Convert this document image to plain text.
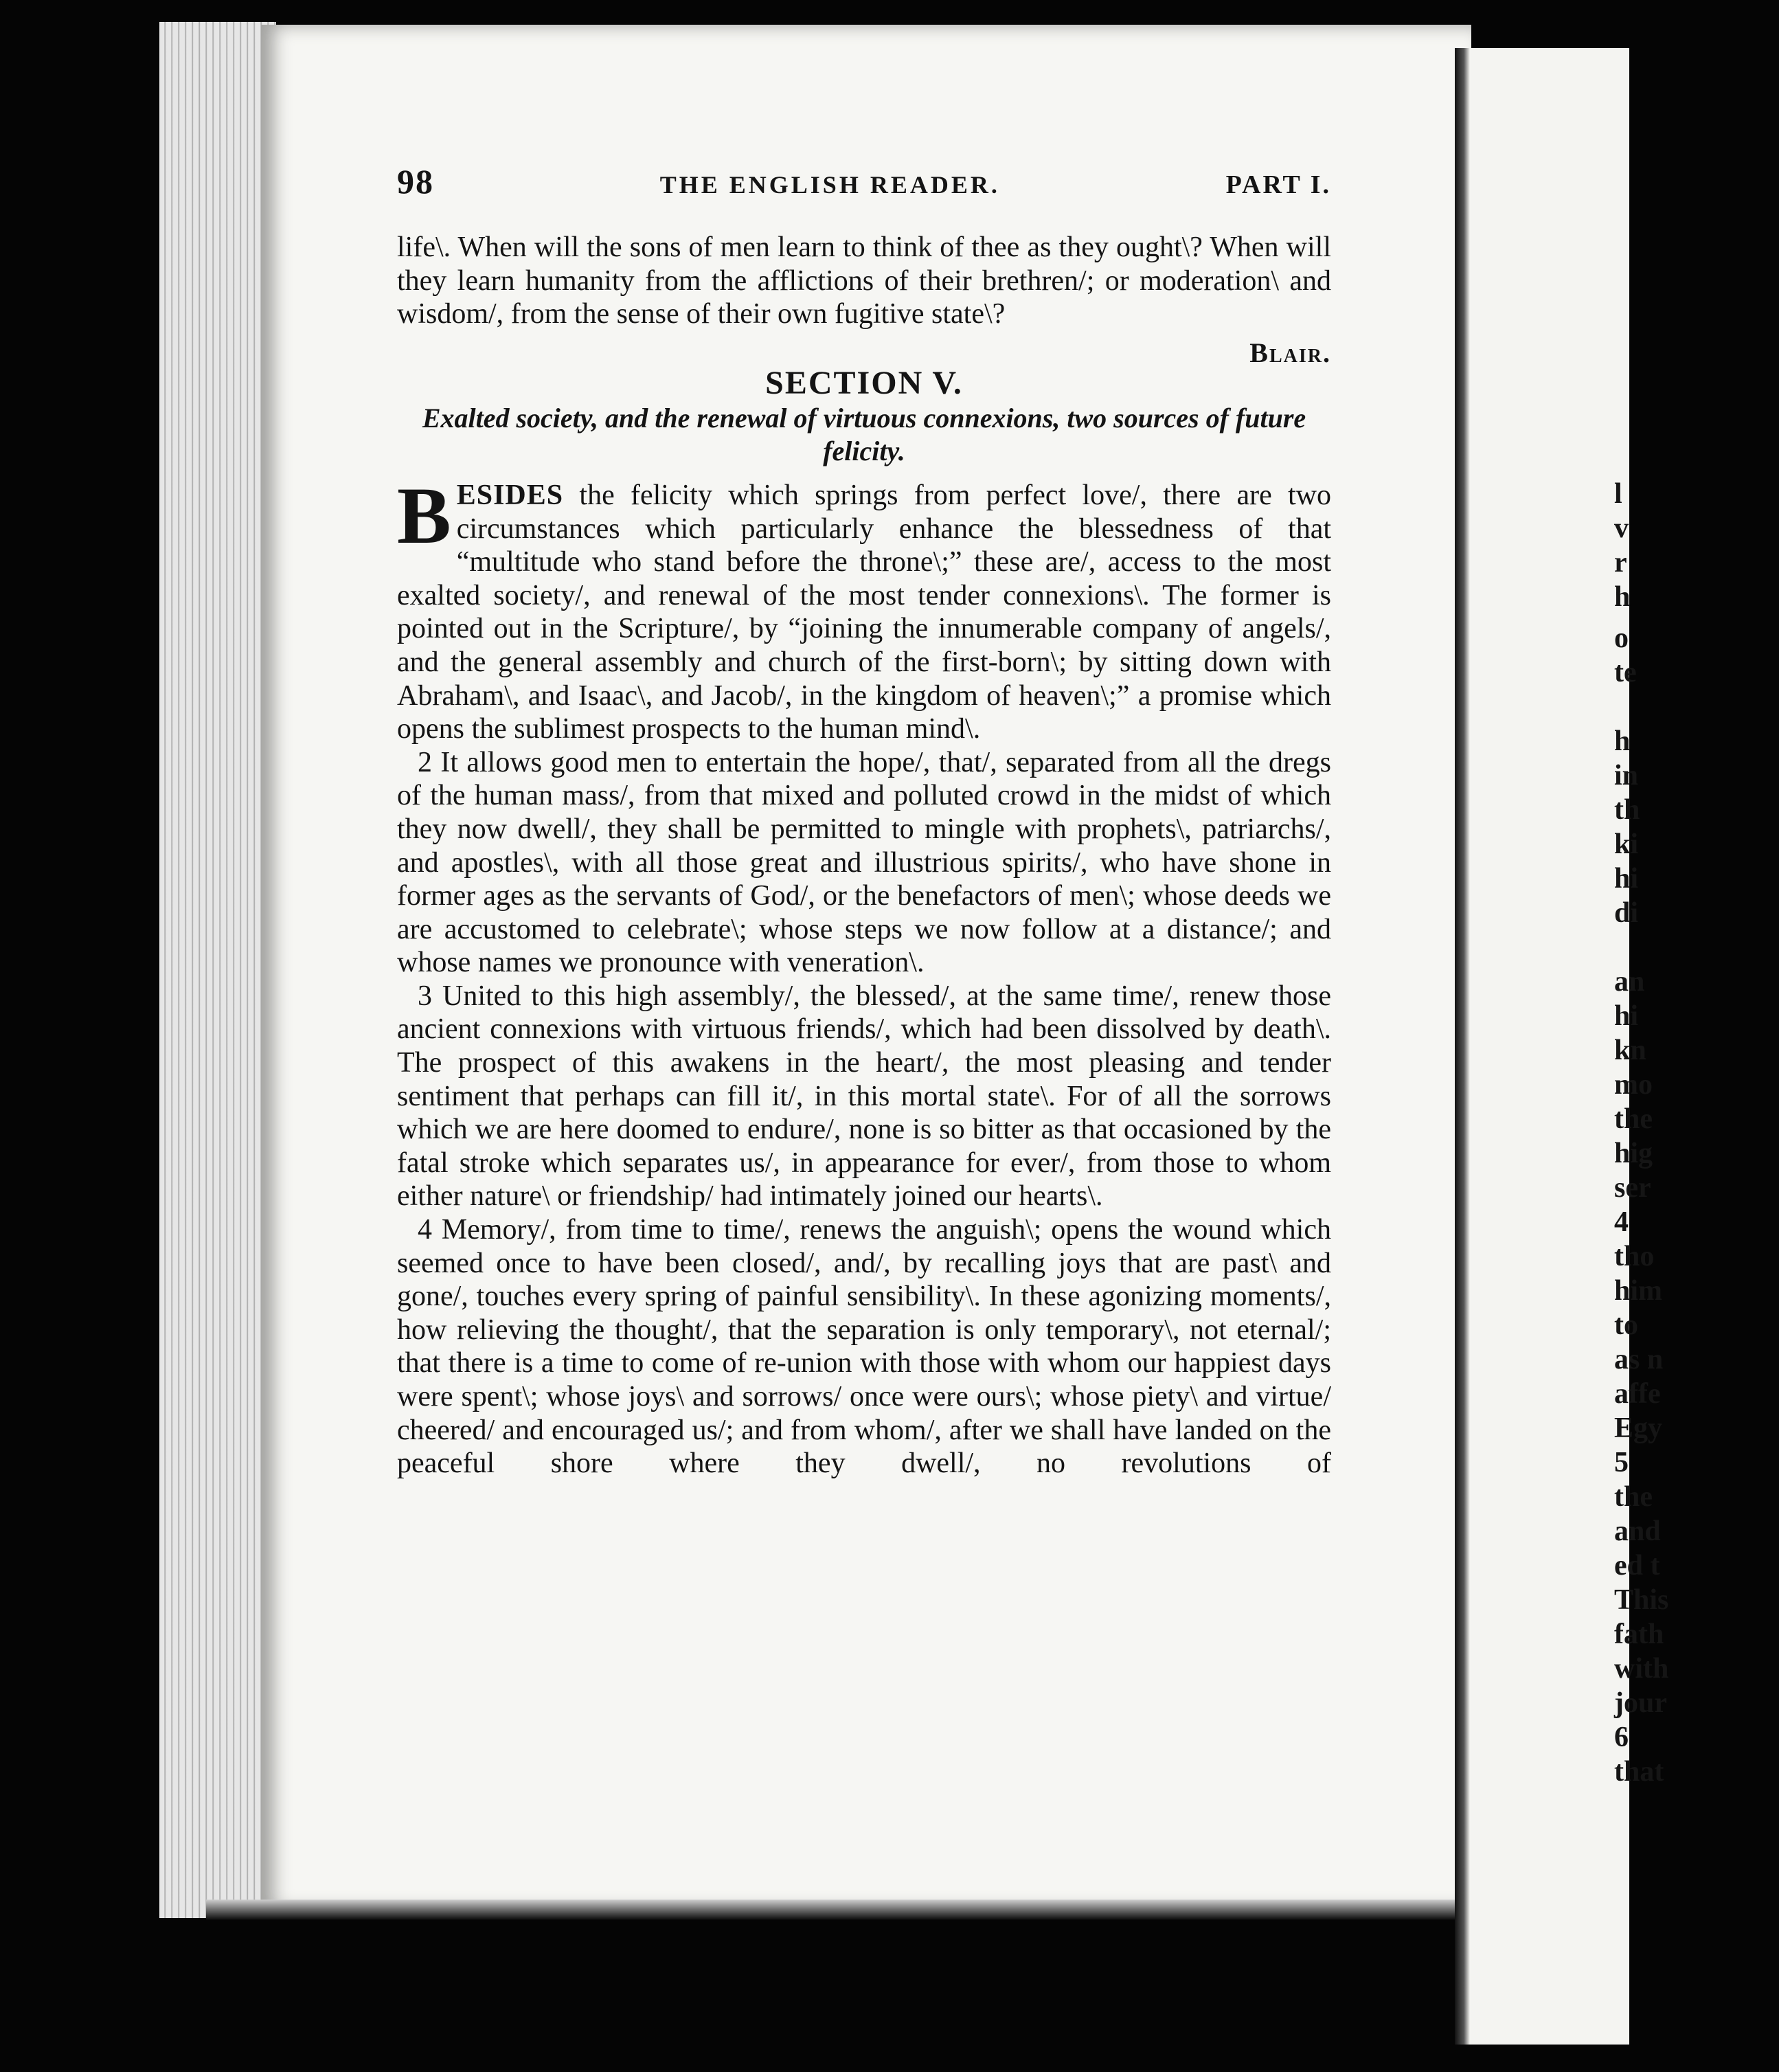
l
v
r
h
o
te
h
in
th
ki
hi
di
an
hi
kn
mo
the
hig
ser
4
tho
him
to
as n
affe
Egy
5
the
and
ed t
This
fath
with
jour
6
that
98	THE ENGLISH READER.	PART I.

life\. When will the sons of men learn to think of thee as they ought\? When will they learn humanity from the afflictions of their brethren/; or moderation\ and wisdom/, from the sense of their own fugitive state\?

Blair.
SECTION V.
Exalted society, and the renewal of virtuous connexions, two sources of future felicity.

BESIDES the felicity which springs from perfect love/, there are two circumstances which particularly enhance the blessedness of that “multitude who stand before the throne\;” these are/, access to the most exalted society/, and renewal of the most tender connexions\. The former is pointed out in the Scripture/, by “joining the innumerable company of angels/, and the general assembly and church of the first-born\; by sitting down with Abraham\, and Isaac\, and Jacob/, in the kingdom of heaven\;” a promise which opens the sublimest prospects to the human mind\.

2 It allows good men to entertain the hope/, that/, separated from all the dregs of the human mass/, from that mixed and polluted crowd in the midst of which they now dwell/, they shall be permitted to mingle with prophets\, patriarchs/, and apostles\, with all those great and illustrious spirits/, who have shone in former ages as the servants of God/, or the benefactors of men\; whose deeds we are accustomed to celebrate\; whose steps we now follow at a distance/; and whose names we pronounce with veneration\.

3 United to this high assembly/, the blessed/, at the same time/, renew those ancient connexions with virtuous friends/, which had been dissolved by death\. The prospect of this awakens in the heart/, the most pleasing and tender sentiment that perhaps can fill it/, in this mortal state\. For of all the sorrows which we are here doomed to endure/, none is so bitter as that occasioned by the fatal stroke which separates us/, in appearance for ever/, from those to whom either nature\ or friendship/ had intimately joined our hearts\.

4 Memory/, from time to time/, renews the anguish\; opens the wound which seemed once to have been closed/, and/, by recalling joys that are past\ and gone/, touches every spring of painful sensibility\. In these agonizing moments/, how relieving the thought/, that the separation is only temporary\, not eternal/; that there is a time to come of re-union with those with whom our happiest days were spent\; whose joys\ and sorrows/ once were ours\; whose piety\ and virtue/ cheered/ and encouraged us/; and from whom/, after we shall have landed on the peaceful shore where they dwell/, no revolutions of
